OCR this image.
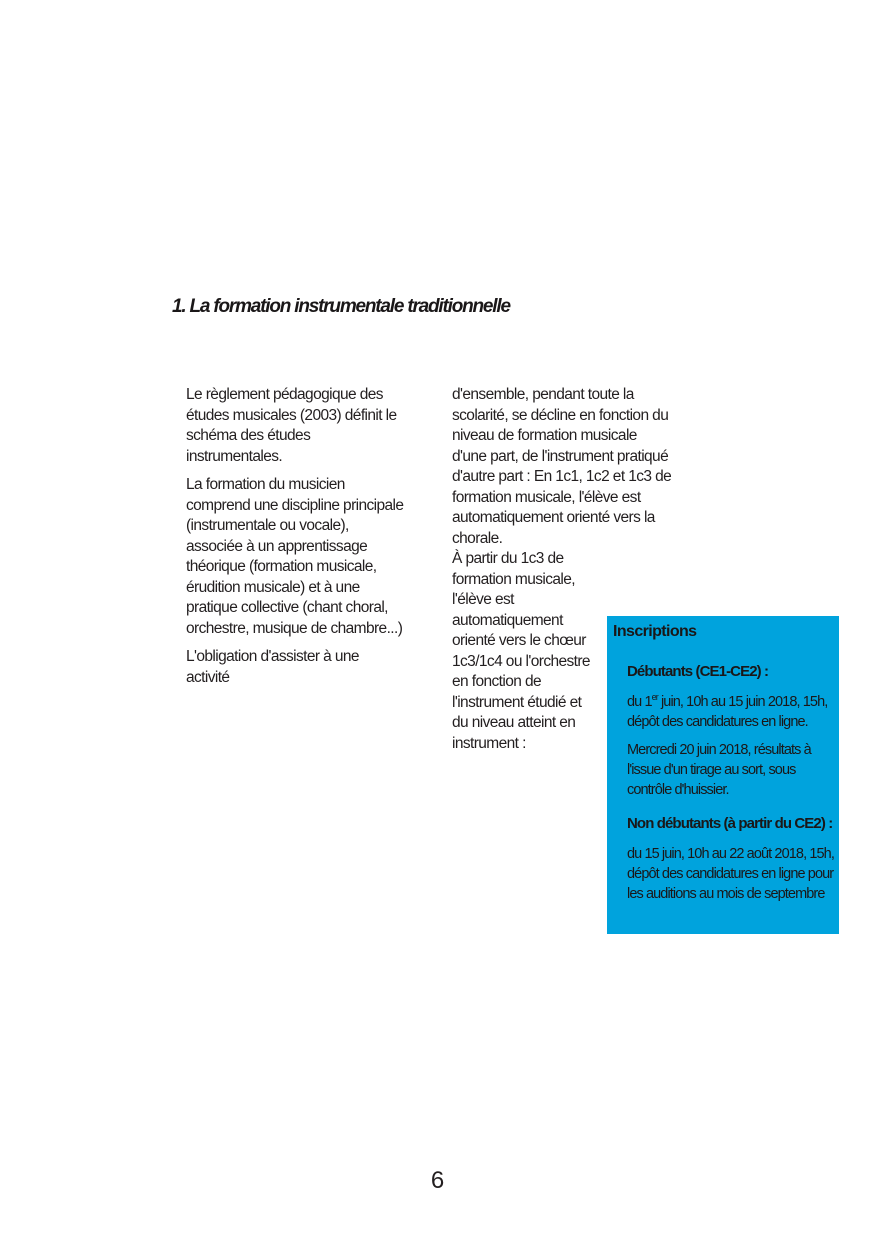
1. La formation instrumentale traditionnelle

Le règlement pédagogique des études musicales (2003) définit le schéma des études instrumentales.

La formation du musicien comprend une discipline principale (instrumentale ou vocale), associée à un apprentissage théorique (formation musicale, érudition musicale) et à une pratique collective (chant choral, orchestre, musique de chambre...)

L'obligation d'assister à une activité

d'ensemble, pendant toute la scolarité, se décline en fonction du niveau de formation musicale d'une part, de l'instrument pratiqué d'autre part : En 1c1, 1c2 et 1c3 de formation musicale, l'élève est automatiquement orienté vers la chorale.

À partir du 1c3 de formation musicale, l'élève est automatiquement orienté vers le chœur 1c3/1c4 ou l'orchestre en fonction de l'instrument étudié et du niveau atteint en instrument :

Inscriptions
Débutants (CE1-CE2) :

du 1er juin, 10h au 15 juin 2018, 15h, dépôt des candidatures en ligne.

Mercredi 20 juin 2018, résultats à l'issue d'un tirage au sort, sous contrôle d'huissier.

Non débutants (à partir du CE2) :

du 15 juin, 10h au 22 août 2018, 15h, dépôt des candidatures en ligne pour les auditions au mois de septembre

6
